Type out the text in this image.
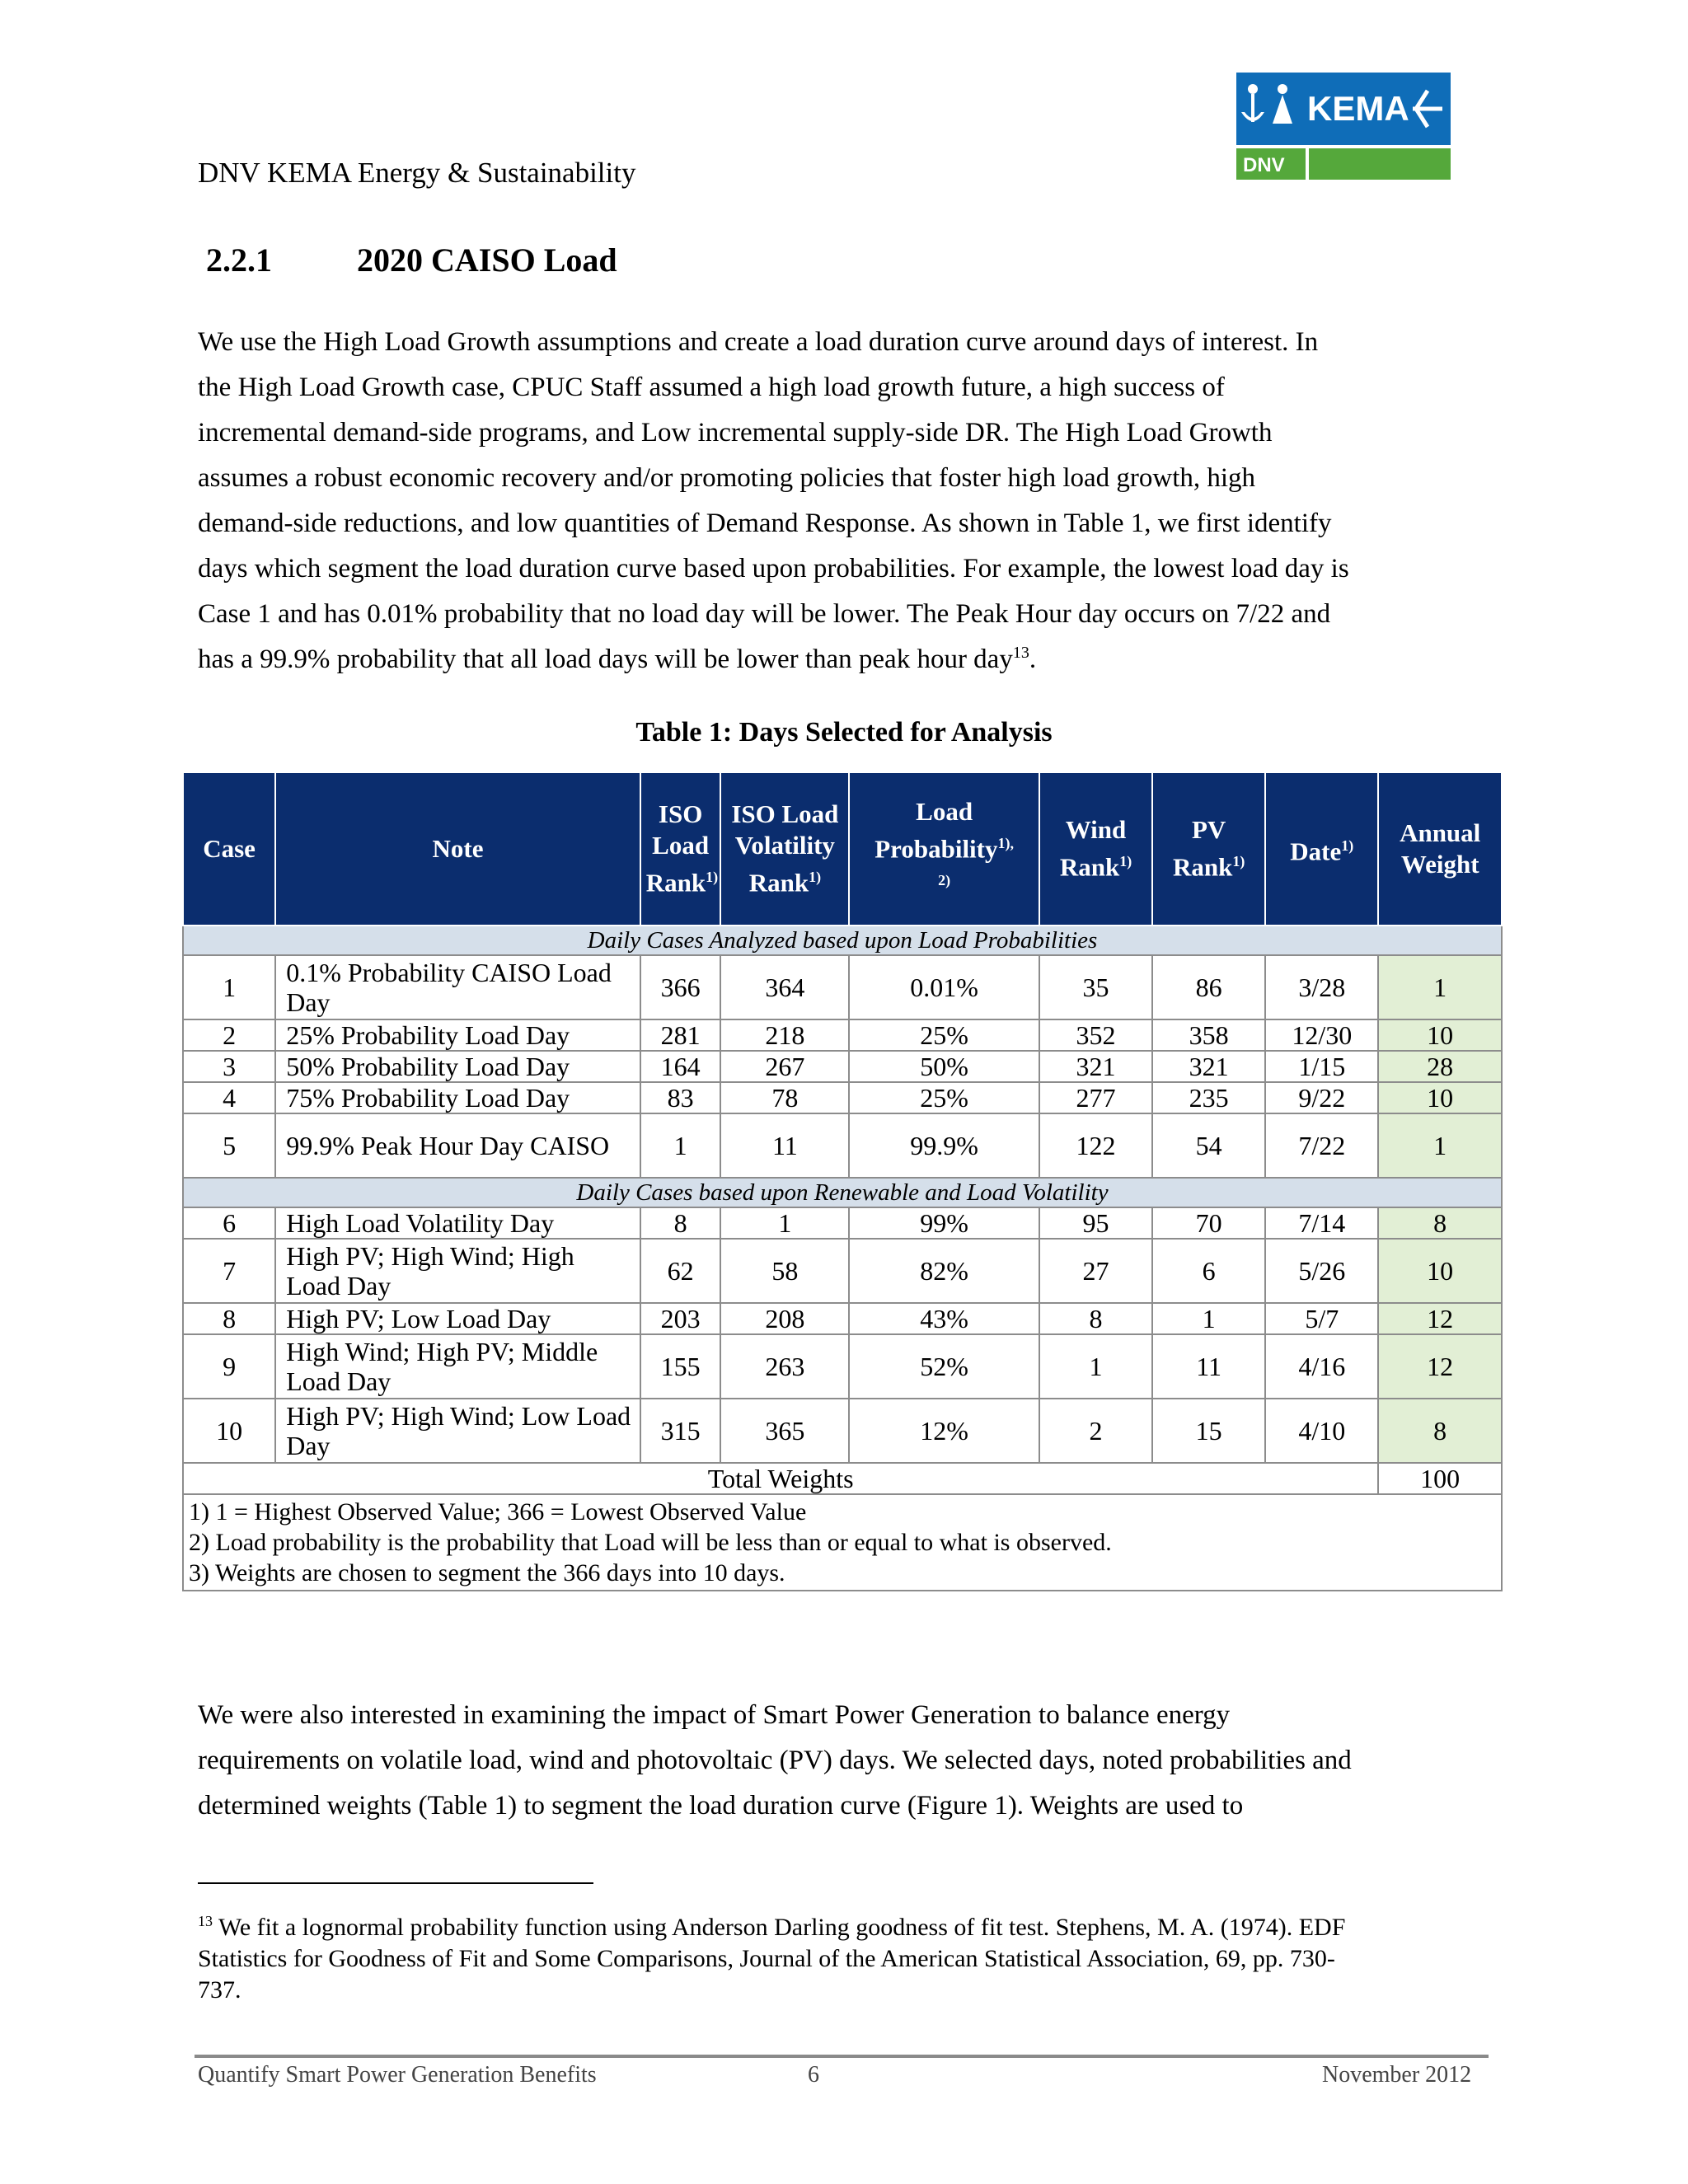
DNV KEMA Energy & Sustainability
KEMA
DNV
2.2.1	2020 CAISO Load
We use the High Load Growth assumptions and create a load duration curve around days of interest. In
the High Load Growth case, CPUC Staff assumed a high load growth future, a high success of
incremental demand-side programs, and Low incremental supply-side DR. The High Load Growth
assumes a robust economic recovery and/or promoting policies that foster high load growth, high
demand-side reductions, and low quantities of Demand Response. As shown in Table 1, we first identify
days which segment the load duration curve based upon probabilities. For example, the lowest load day is
Case 1 and has 0.01% probability that no load day will be lower. The Peak Hour day occurs on 7/22 and
has a 99.9% probability that all load days will be lower than peak hour day$^{13}$.
Table 1: Days Selected for Analysis
Case	Note	ISO Load Rank$^{1)}$	ISO Load Volatility Rank$^{1)}$	Load Probability$^{1),}$
$^{2)}$	Wind Rank$^{1)}$	PV Rank$^{1)}$	Date$^{1)}$	Annual Weight
Daily Cases Analyzed based upon Load Probabilities								
1	0.1% Probability CAISO Load Day	366	364	0.01%	35	86	3/28	1
2	25% Probability Load Day	281	218	25%	352	358	12/30	10
3	50% Probability Load Day	164	267	50%	321	321	1/15	28
4	75% Probability Load Day	83	78	25%	277	235	9/22	10
5	99.9% Peak Hour Day CAISO	1	11	99.9%	122	54	7/22	1
Daily Cases based upon Renewable and Load Volatility								
6	High Load Volatility Day	8	1	99%	95	70	7/14	8
7	High PV; High Wind; High Load Day	62	58	82%	27	6	5/26	10
8	High PV; Low Load Day	203	208	43%	8	1	5/7	12
9	High Wind; High PV; Middle Load Day	155	263	52%	1	11	4/16	12
10	High PV; High Wind; Low Load Day	315	365	12%	2	15	4/10	8
Total Weights								100

1) 1 = Highest Observed Value; 366 = Lowest Observed Value
2) Load probability is the probability that Load will be less than or equal to what is observed.
3) Weights are chosen to segment the 366 days into 10 days.								
We were also interested in examining the impact of Smart Power Generation to balance energy
requirements on volatile load, wind and photovoltaic (PV) days. We selected days, noted probabilities and
determined weights (Table 1) to segment the load duration curve (Figure 1). Weights are used to
$^{13}$ We fit a lognormal probability function using Anderson Darling goodness of fit test. Stephens, M. A. (1974). EDF
Statistics for Goodness of Fit and Some Comparisons, Journal of the American Statistical Association, 69, pp. 730-
737.
Quantify Smart Power Generation Benefits	6	November 2012
